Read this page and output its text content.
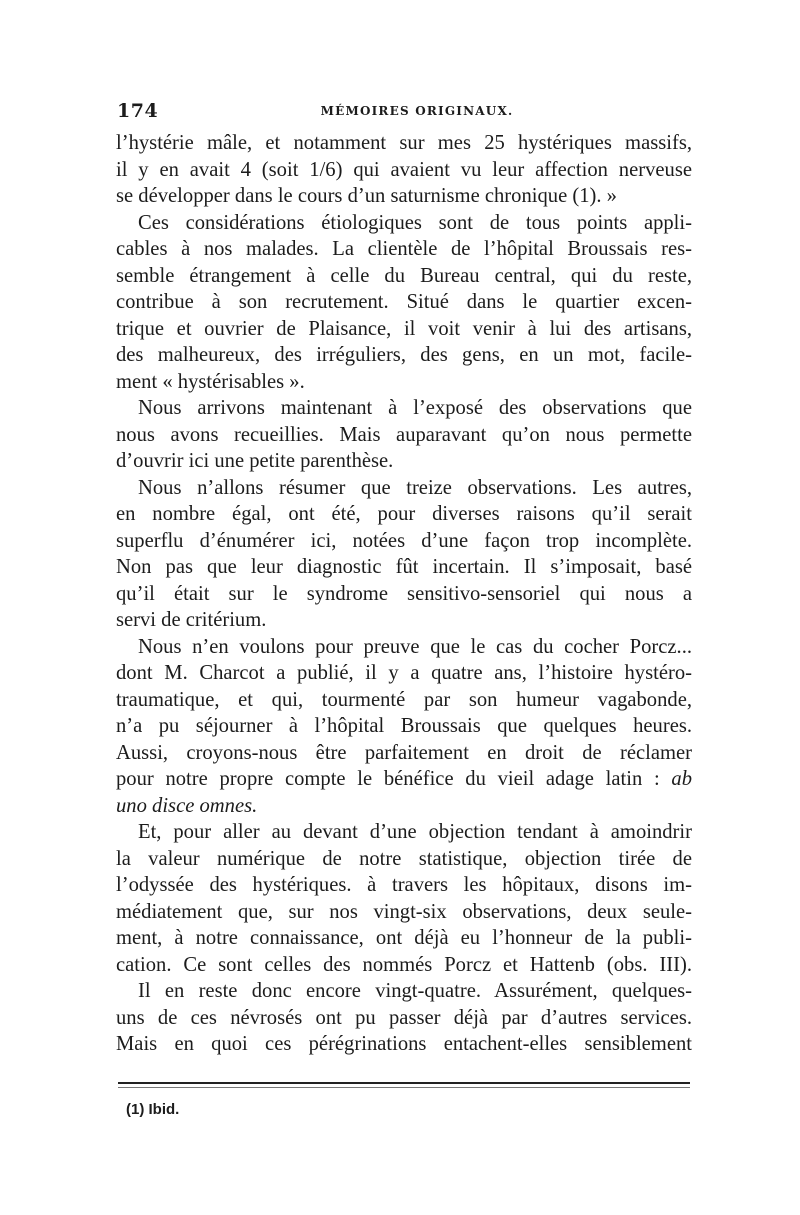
174	MÉMOIRES ORIGINAUX.
l’hystérie mâle, et notamment sur mes 25 hystériques massifs,
il y en avait 4 (soit 1/6) qui avaient vu leur affection nerveuse
se développer dans le cours d’un saturnisme chronique (1). »
Ces considérations étiologiques sont de tous points appli-
cables à nos malades. La clientèle de l’hôpital Broussais res-
semble étrangement à celle du Bureau central, qui du reste,
contribue à son recrutement. Situé dans le quartier excen-
trique et ouvrier de Plaisance, il voit venir à lui des artisans,
des malheureux, des irréguliers, des gens, en un mot, facile-
ment « hystérisables ».
Nous arrivons maintenant à l’exposé des observations que
nous avons recueillies. Mais auparavant qu’on nous permette
d’ouvrir ici une petite parenthèse.
Nous n’allons résumer que treize observations. Les autres,
en nombre égal, ont été, pour diverses raisons qu’il serait
superflu d’énumérer ici, notées d’une façon trop incomplète.
Non pas que leur diagnostic fût incertain. Il s’imposait, basé
qu’il était sur le syndrome sensitivo-sensoriel qui nous a
servi de critérium.
Nous n’en voulons pour preuve que le cas du cocher Porcz...
dont M. Charcot a publié, il y a quatre ans, l’histoire hystéro-
traumatique, et qui, tourmenté par son humeur vagabonde,
n’a pu séjourner à l’hôpital Broussais que quelques heures.
Aussi, croyons-nous être parfaitement en droit de réclamer
pour notre propre compte le bénéfice du vieil adage latin : ab
uno disce omnes.
Et, pour aller au devant d’une objection tendant à amoindrir
la valeur numérique de notre statistique, objection tirée de
l’odyssée des hystériques. à travers les hôpitaux, disons im-
médiatement que, sur nos vingt-six observations, deux seule-
ment, à notre connaissance, ont déjà eu l’honneur de la publi-
cation. Ce sont celles des nommés Porcz et Hattenb (obs. III).
Il en reste donc encore vingt-quatre. Assurément, quelques-
uns de ces névrosés ont pu passer déjà par d’autres services.
Mais en quoi ces pérégrinations entachent-elles sensiblement
(1) Ibid.
